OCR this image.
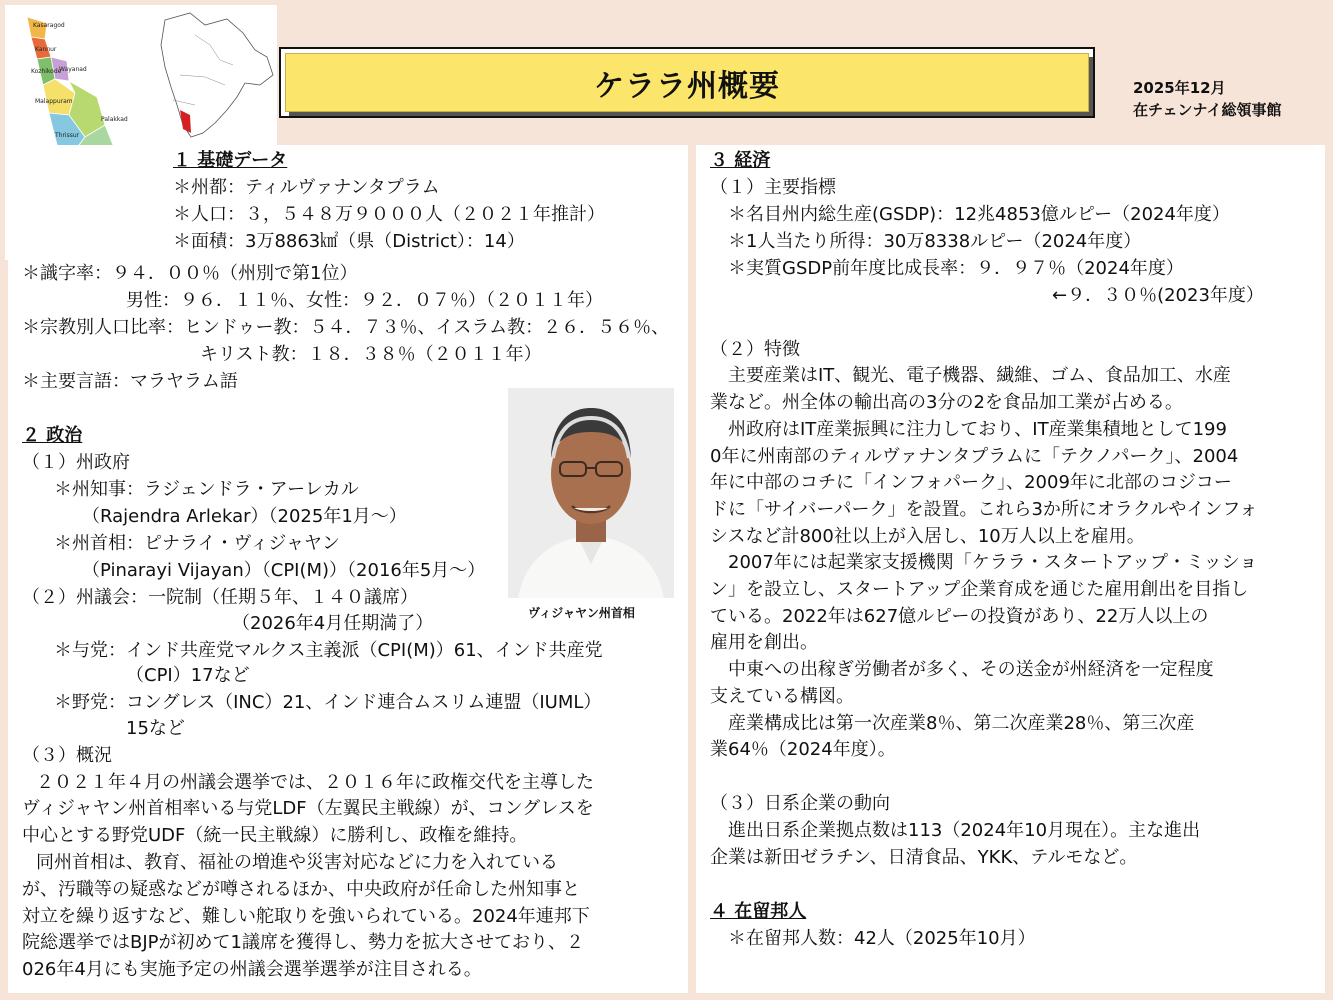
Kasaragod
Kannur
Wayanad
Kozhikode
Malappuram
Palakkad
Thrissur
ケララ州概要	2025年12月
在チェンナイ総領事館
１ 基礎データ
＊州都：ティルヴァナンタプラム
＊人口：３，５４８万９０００人（２０２１年推計）
＊面積：3万8863㎢（県（District）：14）
＊識字率：９４．００％（州別で第1位）
男性：９６．１１％、女性：９２．０７％）（２０１１年）
＊宗教別人口比率：ヒンドゥー教：５４．７３％、イスラム教：２６．５６％、
キリスト教：１８．３８％（２０１１年）
＊主要言語：マラヤラム語
２ 政治
（１）州政府
＊州知事：ラジェンドラ・アーレカル
（Rajendra Arlekar）（2025年1月～）
＊州首相：ピナライ・ヴィジャヤン
（Pinarayi Vijayan）（CPI(M)）（2016年5月～）
（２）州議会：一院制（任期５年、１４０議席）
（2026年4月任期満了）
＊与党：インド共産党マルクス主義派（CPI(M)）61、インド共産党
（CPI）17など
＊野党：コングレス（INC）21、インド連合ムスリム連盟（IUML）
15など
（３）概況
２０２１年４月の州議会選挙では、２０１６年に政権交代を主導した
ヴィジャヤン州首相率いる与党LDF（左翼民主戦線）が、コングレスを
中心とする野党UDF（統一民主戦線）に勝利し、政権を維持。
同州首相は、教育、福祉の増進や災害対応などに力を入れている
が、汚職等の疑惑などが噂されるほか、中央政府が任命した州知事と
対立を繰り返すなど、難しい舵取りを強いられている。2024年連邦下
院総選挙ではBJPが初めて1議席を獲得し、勢力を拡大させており、２
026年4月にも実施予定の州議会選挙選挙が注目される。
ヴィジャヤン州首相
３ 経済
（１）主要指標
＊名目州内総生産(GSDP)：12兆4853億ルピー（2024年度）
＊1人当たり所得：30万8338ルピー（2024年度）
＊実質GSDP前年度比成長率：９．９７％（2024年度）
←９．３０％(2023年度）
（２）特徴
主要産業はIT、観光、電子機器、繊維、ゴム、食品加工、水産
業など。州全体の輸出高の3分の2を食品加工業が占める。
州政府はIT産業振興に注力しており、IT産業集積地として199
0年に州南部のティルヴァナンタプラムに「テクノパーク」、2004
年に中部のコチに「インフォパーク」、2009年に北部のコジコー
ドに「サイバーパーク」を設置。これら3か所にオラクルやインフォ
シスなど計800社以上が入居し、10万人以上を雇用。
2007年には起業家支援機関「ケララ・スタートアップ・ミッショ
ン」を設立し、スタートアップ企業育成を通じた雇用創出を目指し
ている。2022年は627億ルピーの投資があり、22万人以上の
雇用を創出。
中東への出稼ぎ労働者が多く、その送金が州経済を一定程度
支えている構図。
産業構成比は第一次産業8％、第二次産業28％、第三次産
業64％（2024年度）。
（３）日系企業の動向
進出日系企業拠点数は113（2024年10月現在）。主な進出
企業は新田ゼラチン、日清食品、YKK、テルモなど。
４ 在留邦人
＊在留邦人数：42人（2025年10月）
